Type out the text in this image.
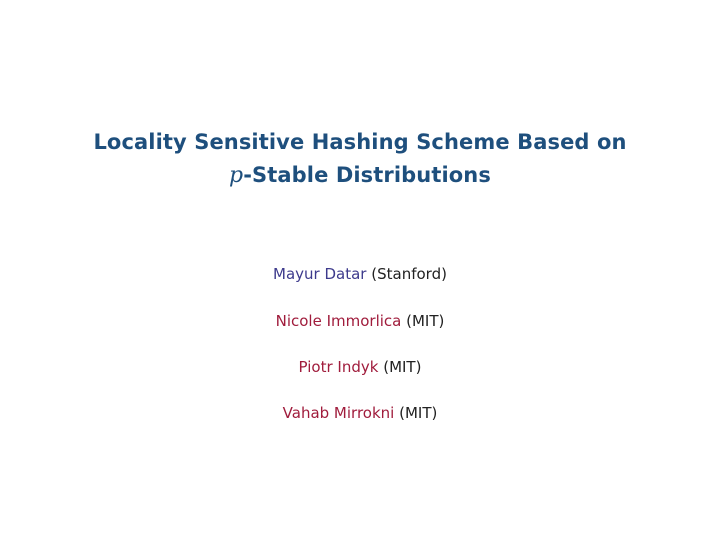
Locality Sensitive Hashing Scheme Based on
p-Stable Distributions
Mayur Datar (Stanford)
Nicole Immorlica (MIT)
Piotr Indyk (MIT)
Vahab Mirrokni (MIT)
